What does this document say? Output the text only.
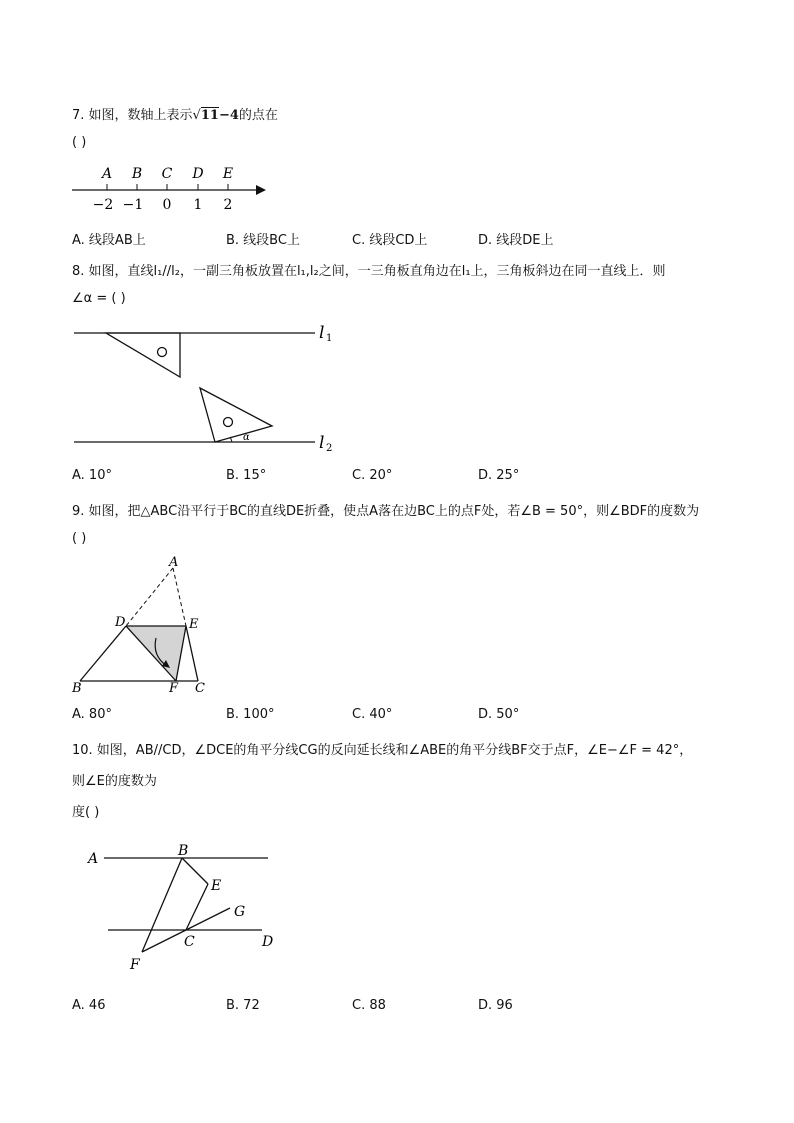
7. 如图，数轴上表示√11−4的点在
( )
A B C D E
−2 −1 0 1 2
A. 线段AB上	B. 线段BC上	C. 线段CD上	D. 线段DE上
8. 如图，直线l₁//l₂，一副三角板放置在l₁,l₂之间，一三角板直角边在l₁上，三角板斜边在同一直线上．则
∠α = ( )
l 1
l 2
α
A. 10°	B. 15°	C. 20°	D. 25°
9. 如图，把△ABC沿平行于BC的直线DE折叠，使点A落在边BC上的点F处，若∠B = 50°，则∠BDF的度数为
( )
A
D	E
B	F C
A. 80°	B. 100°	C. 40°	D. 50°
10. 如图，AB//CD，∠DCE的角平分线CG的反向延长线和∠ABE的角平分线BF交于点F，∠E−∠F = 42°，
则∠E的度数为
度( )
A	B
E
G
C	D
F
A. 46	B. 72	C. 88	D. 96
